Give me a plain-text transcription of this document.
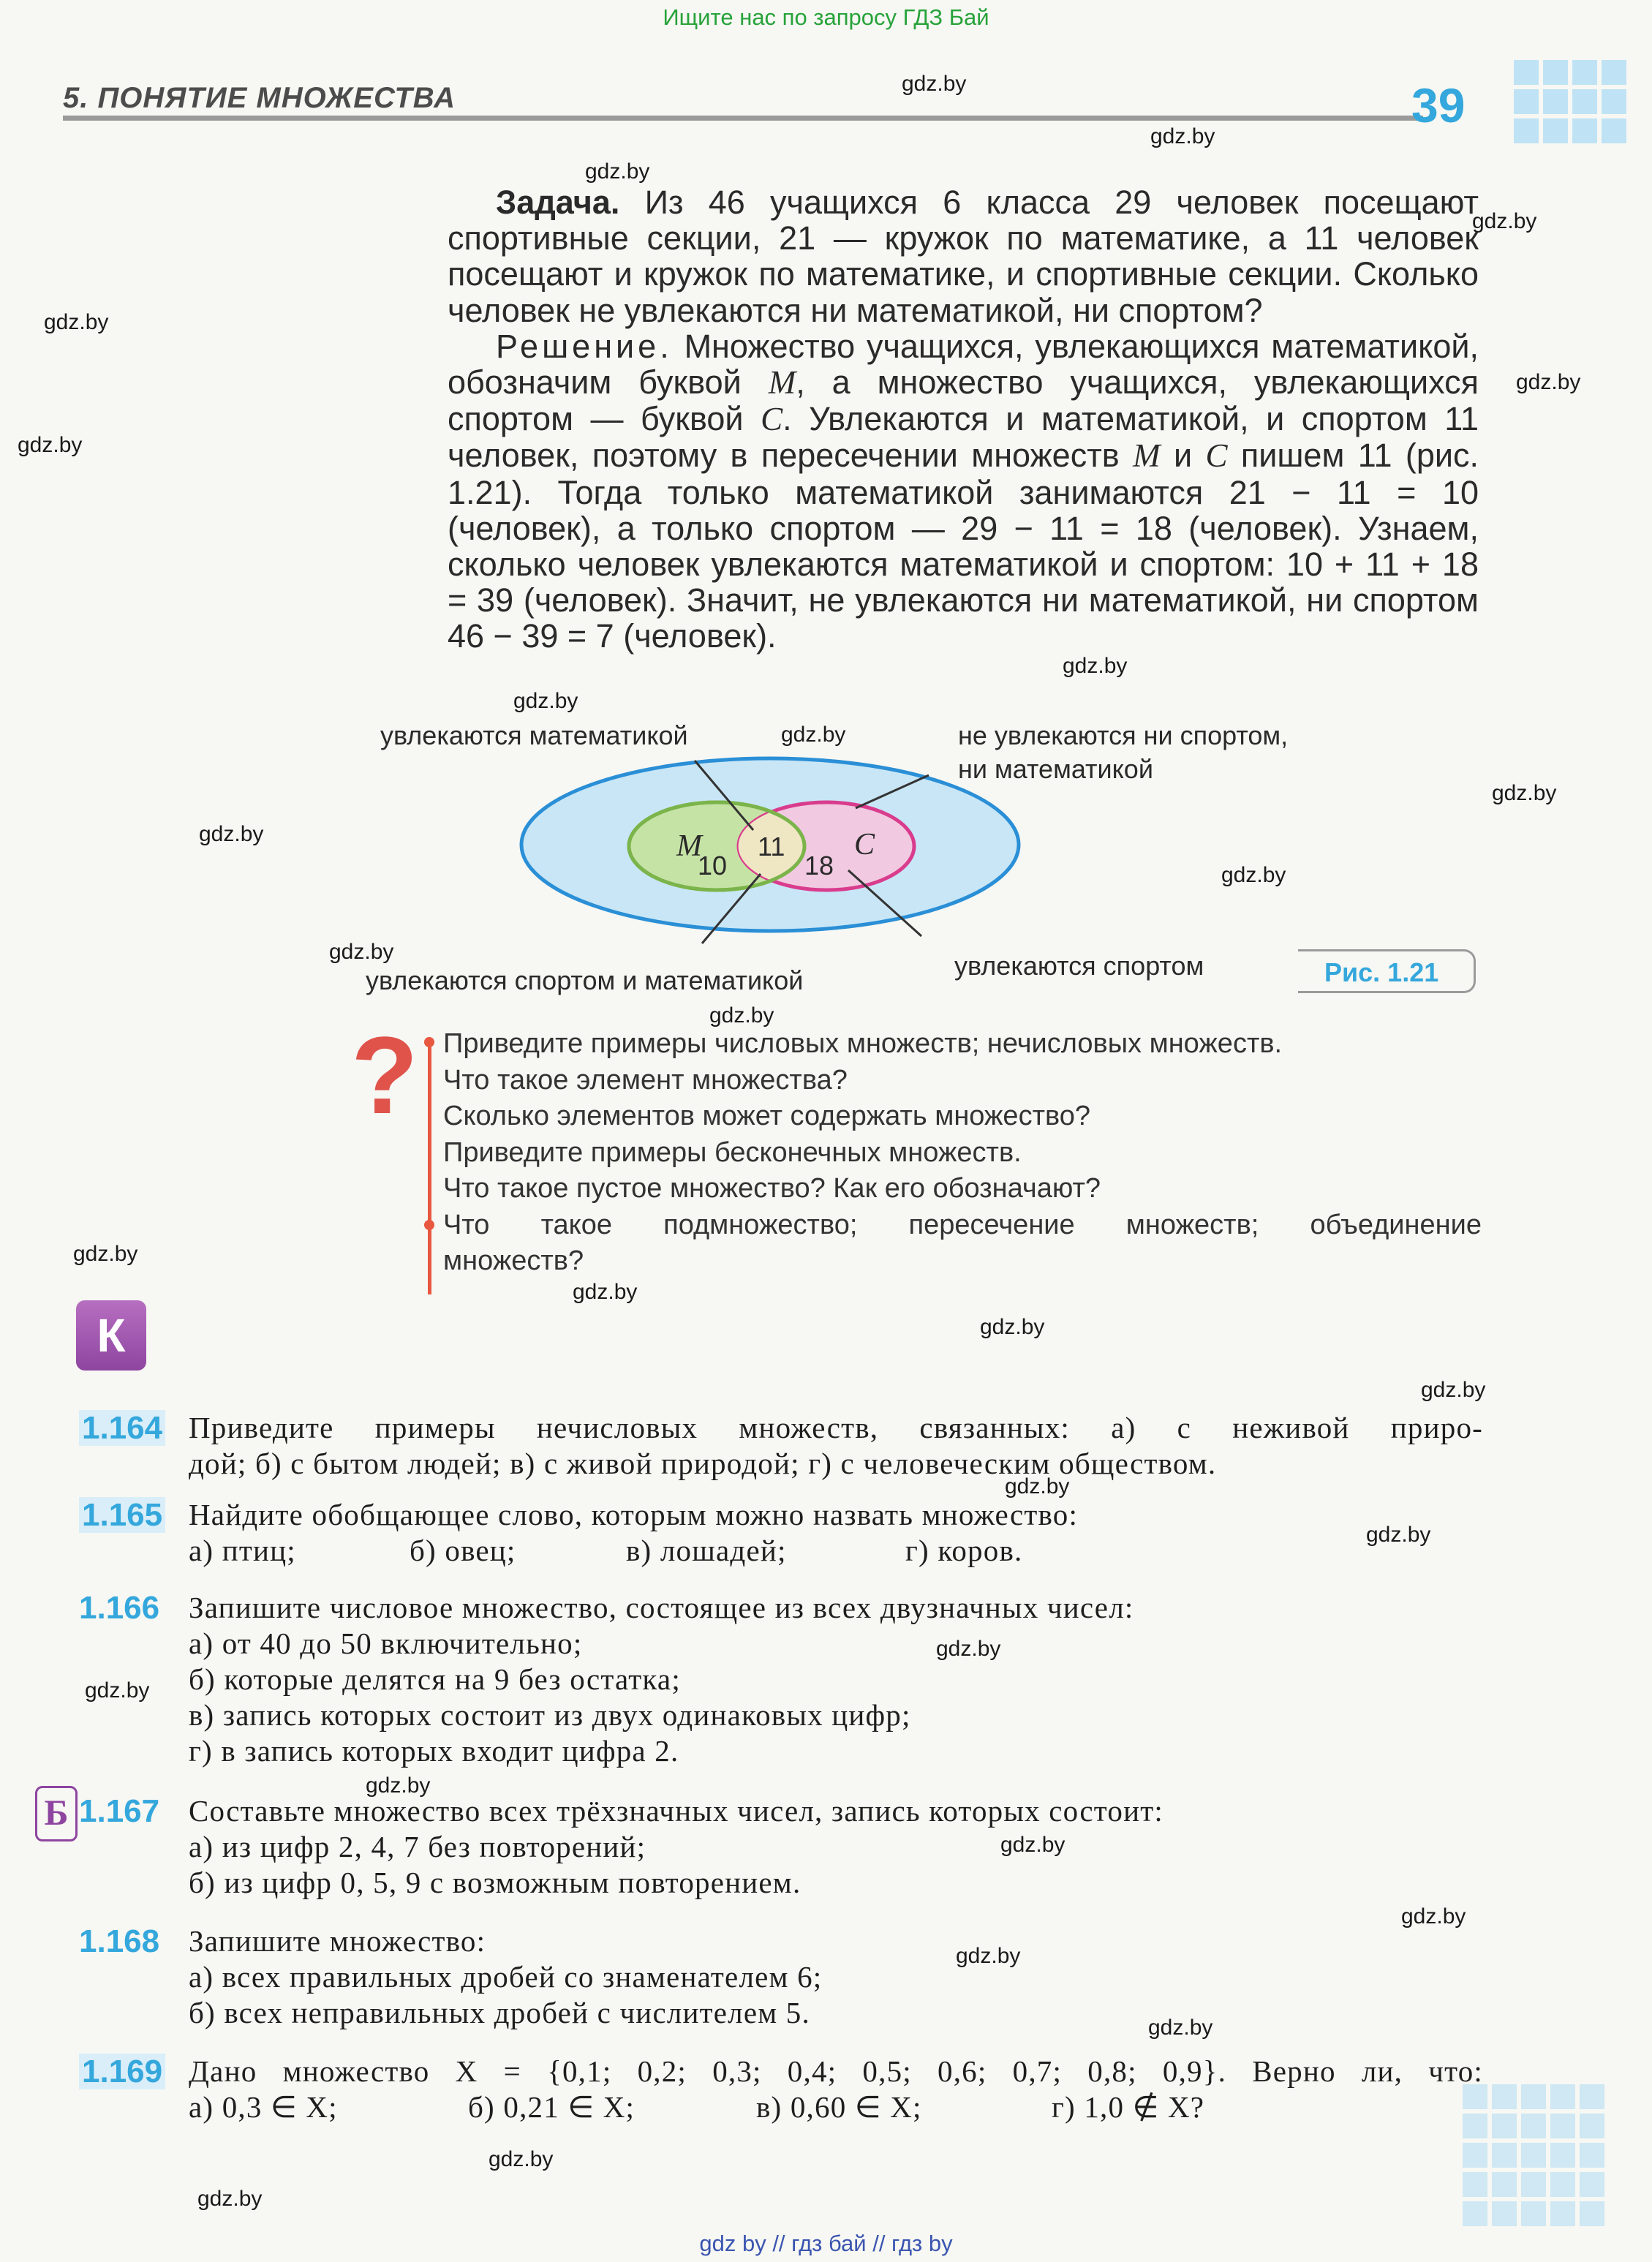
Ищите нас по запросу ГДЗ Бай
gdz by // гдз бай // гдз by
5. ПОНЯТИЕ МНОЖЕСТВА	39
gdz.by
gdz.by
gdz.by
gdz.by
gdz.by
gdz.by
gdz.by
gdz.by
gdz.by
gdz.by
gdz.by
gdz.by
gdz.by
gdz.by
gdz.by
gdz.by
gdz.by
gdz.by
gdz.by
gdz.by
gdz.by
gdz.by
gdz.by
gdz.by
gdz.by
gdz.by
gdz.by
gdz.by
gdz.by
gdz.by

Задача. Из 46 учащихся 6 класса 29 человек посещают спортивные секции, 21 — кружок по математике, а 11 человек посещают и кружок по математике, и спортивные секции. Сколько человек не увлекаются ни математикой, ни спортом?

Решение. Множество учащихся, увлекающихся математикой, обозначим буквой M, а множество учащихся, увлекающихся спортом — буквой C. Увлекаются и математикой, и спортом 11 человек, поэтому в пересечении множеств M и C пишем 11 (рис. 1.21). Тогда только математикой занимаются 21 − 11 = 10 (человек), а только спортом — 29 − 11 = 18 (человек). Узнаем, сколько человек увлекаются математикой и спортом: 10 + 11 + 18 = 39 (человек). Значит, не увлекаются ни математикой, ни спортом 46 − 39 = 7 (человек).

увлекаются математикой	не увлекаются ни спортом,
ни математикой
M
10
11 C
18
увлекаются спортом
увлекаются спортом и математикой	Рис. 1.21
? Приведите примеры числовых множеств; нечисловых множеств.
Что такое элемент множества?
Сколько элементов может содержать множество?
Приведите примеры бесконечных множеств.
Что такое пустое множество? Как его обозначают?
Что такое подмножество; пересечение множеств; объединение
множеств?
К
1.164 Приведите примеры нечисловых множеств, связанных: а) с неживой приро-
дой; б) с бытом людей; в) с живой природой; г) с человеческим обществом.
1.165 Найдите обобщающее слово, которым можно назвать множество:
а) птиц;	б) овец;	в) лошадей;	г) коров.
1.166 Запишите числовое множество, состоящее из всех двузначных чисел:
а) от 40 до 50 включительно;
б) которые делятся на 9 без остатка;
в) запись которых состоит из двух одинаковых цифр;
г) в запись которых входит цифра 2.
Б 1.167 Составьте множество всех трёхзначных чисел, запись которых состоит:
а) из цифр 2, 4, 7 без повторений;
б) из цифр 0, 5, 9 с возможным повторением.
1.168 Запишите множество:
а) всех правильных дробей со знаменателем 6;
б) всех неправильных дробей с числителем 5.
1.169 Дано множество X = {0,1; 0,2; 0,3; 0,4; 0,5; 0,6; 0,7; 0,8; 0,9}. Верно ли, что:
а) 0,3 ∈ X;	б) 0,21 ∈ X;	в) 0,60 ∈ X;	г) 1,0 ∉ X?
